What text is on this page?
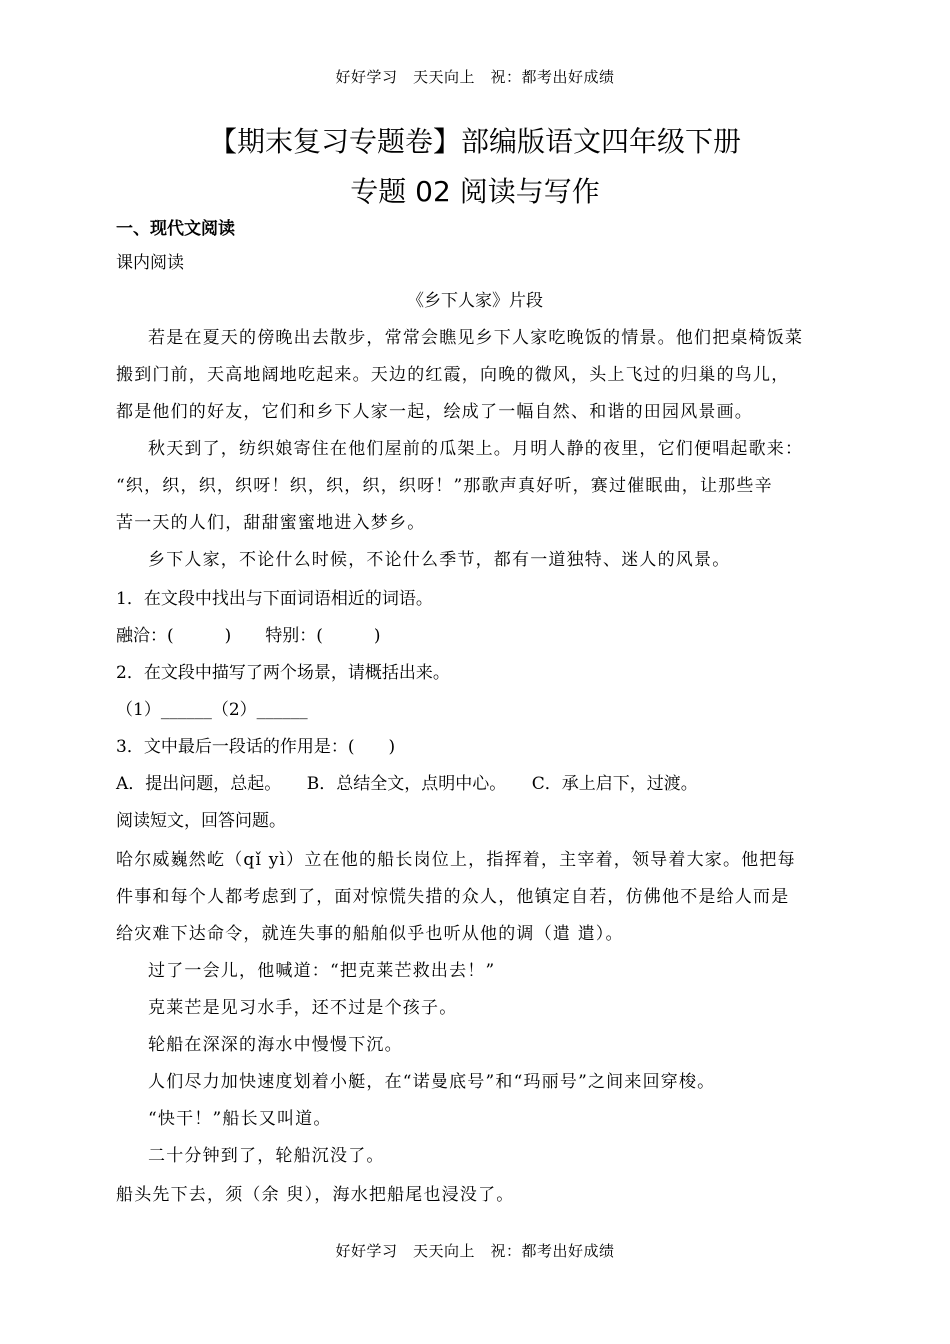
好好学习　天天向上　祝：都考出好成绩
【期末复习专题卷】部编版语文四年级下册
专题 02 阅读与写作
一、现代文阅读
课内阅读
《乡下人家》片段
若是在夏天的傍晚出去散步，常常会瞧见乡下人家吃晚饭的情景。他们把桌椅饭菜
搬到门前，天高地阔地吃起来。天边的红霞，向晚的微风，头上飞过的归巢的鸟儿，
都是他们的好友，它们和乡下人家一起，绘成了一幅自然、和谐的田园风景画。
秋天到了，纺织娘寄住在他们屋前的瓜架上。月明人静的夜里，它们便唱起歌来：
“织，织，织，织呀！织，织，织，织呀！”那歌声真好听，赛过催眠曲，让那些辛
苦一天的人们，甜甜蜜蜜地进入梦乡。
乡下人家，不论什么时候，不论什么季节，都有一道独特、迷人的风景。
1．在文段中找出与下面词语相近的词语。
融洽：(　　　)　　特别：(　　　)
2．在文段中描写了两个场景，请概括出来。
（1）______（2）______
3．文中最后一段话的作用是：(　　)
A．提出问题，总起。　　B．总结全文，点明中心。　　C．承上启下，过渡。
阅读短文，回答问题。
哈尔威巍然屹（qǐ yì）立在他的船长岗位上，指挥着，主宰着，领导着大家。他把每
件事和每个人都考虑到了，面对惊慌失措的众人，他镇定自若，仿佛他不是给人而是
给灾难下达命令，就连失事的船舶似乎也听从他的调（遣 遣）。
过了一会儿，他喊道：“把克莱芒救出去！”
克莱芒是见习水手，还不过是个孩子。
轮船在深深的海水中慢慢下沉。
人们尽力加快速度划着小艇，在“诺曼底号”和“玛丽号”之间来回穿梭。
“快干！”船长又叫道。
二十分钟到了，轮船沉没了。
船头先下去，须（余 臾），海水把船尾也浸没了。
好好学习　天天向上　祝：都考出好成绩
